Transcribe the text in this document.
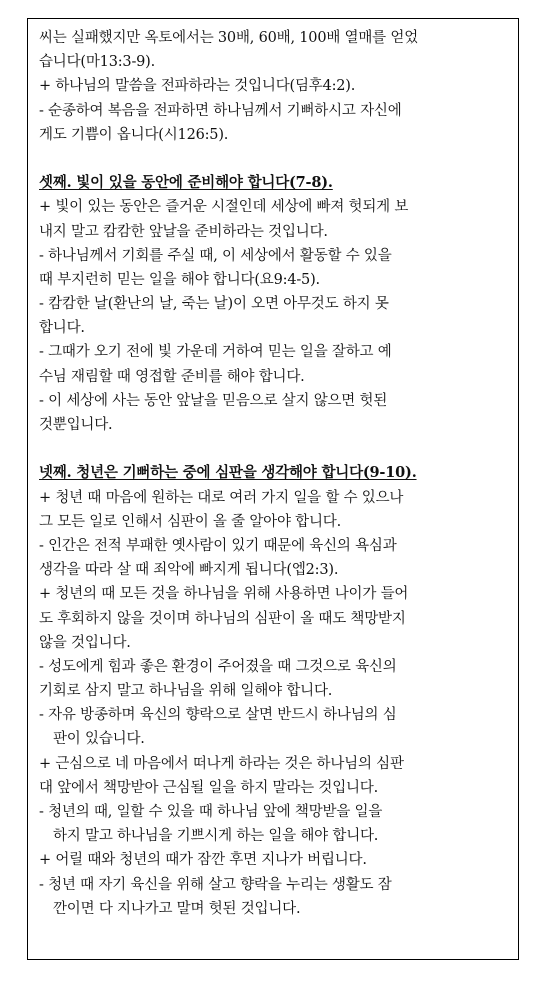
씨는 실패했지만 옥토에서는 30배, 60배, 100배 열매를 얻었
습니다(마13:3-9).
+ 하나님의 말씀을 전파하라는 것입니다(딤후4:2).
- 순종하여 복음을 전파하면 하나님께서 기뻐하시고 자신에
게도 기쁨이 옵니다(시126:5).
셋째. 빛이 있을 동안에 준비해야 합니다(7-8).
+ 빛이 있는 동안은 즐거운 시절인데 세상에 빠져 헛되게 보
내지 말고 캄캄한 앞날을 준비하라는 것입니다.
- 하나님께서 기회를 주실 때, 이 세상에서 활동할 수 있을
때 부지런히 믿는 일을 해야 합니다(요9:4-5).
- 캄캄한 날(환난의 날, 죽는 날)이 오면 아무것도 하지 못
합니다.
- 그때가 오기 전에 빛 가운데 거하여 믿는 일을 잘하고 예
수님 재림할 때 영접할 준비를 해야 합니다.
- 이 세상에 사는 동안 앞날을 믿음으로 살지 않으면 헛된
것뿐입니다.
넷째. 청년은 기뻐하는 중에 심판을 생각해야 합니다(9-10).
+ 청년 때 마음에 원하는 대로 여러 가지 일을 할 수 있으나
그 모든 일로 인해서 심판이 올 줄 알아야 합니다.
- 인간은 전적 부패한 옛사람이 있기 때문에 육신의 욕심과
생각을 따라 살 때 죄악에 빠지게 됩니다(엡2:3).
+ 청년의 때 모든 것을 하나님을 위해 사용하면 나이가 들어
도 후회하지 않을 것이며 하나님의 심판이 올 때도 책망받지
않을 것입니다.
- 성도에게 힘과 좋은 환경이 주어졌을 때 그것으로 육신의
기회로 삼지 말고 하나님을 위해 일해야 합니다.
- 자유 방종하며 육신의 향락으로 살면 반드시 하나님의 심
판이 있습니다.
+ 근심으로 네 마음에서 떠나게 하라는 것은 하나님의 심판
대 앞에서 책망받아 근심될 일을 하지 말라는 것입니다.
- 청년의 때, 일할 수 있을 때 하나님 앞에 책망받을 일을
하지 말고 하나님을 기쁘시게 하는 일을 해야 합니다.
+ 어릴 때와 청년의 때가 잠깐 후면 지나가 버립니다.
- 청년 때 자기 육신을 위해 살고 향락을 누리는 생활도 잠
깐이면 다 지나가고 말며 헛된 것입니다.
